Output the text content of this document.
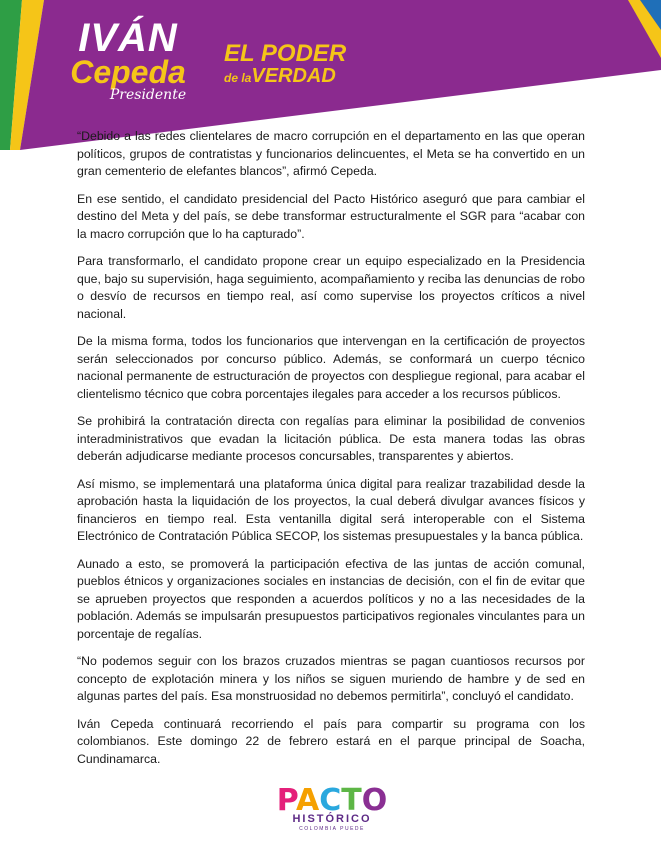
IVÁN
Cepeda
Presidente
EL PODER
de laVERDAD

“Debido a las redes clientelares de macro corrupción en el departamento en las que operan políticos, grupos de contratistas y funcionarios delincuentes, el Meta se ha convertido en un gran cementerio de elefantes blancos”, afirmó Cepeda.

En ese sentido, el candidato presidencial del Pacto Histórico aseguró que para cambiar el destino del Meta y del país, se debe transformar estructuralmente el SGR para “acabar con la macro corrupción que lo ha capturado”.

Para transformarlo, el candidato propone crear un equipo especializado en la Presidencia que, bajo su supervisión, haga seguimiento, acompañamiento y reciba las denuncias de robo o desvío de recursos en tiempo real, así como supervise los proyectos críticos a nivel nacional.

De la misma forma, todos los funcionarios que intervengan en la certificación de proyectos serán seleccionados por concurso público. Además, se conformará un cuerpo técnico nacional permanente de estructuración de proyectos con despliegue regional, para acabar el clientelismo técnico que cobra porcentajes ilegales para acceder a los recursos públicos.

Se prohibirá la contratación directa con regalías para eliminar la posibilidad de convenios interadministrativos que evadan la licitación pública. De esta manera todas las obras deberán adjudicarse mediante procesos concursables, transparentes y abiertos.

Así mismo, se implementará una plataforma única digital para realizar trazabilidad desde la aprobación hasta la liquidación de los proyectos, la cual deberá divulgar avances físicos y financieros en tiempo real. Esta ventanilla digital será interoperable con el Sistema Electrónico de Contratación Pública SECOP, los sistemas presupuestales y la banca pública.

Aunado a esto, se promoverá la participación efectiva de las juntas de acción comunal, pueblos étnicos y organizaciones sociales en instancias de decisión, con el fin de evitar que se aprueben proyectos que responden a acuerdos políticos y no a las necesidades de la población. Además se impulsarán presupuestos participativos regionales vinculantes para un porcentaje de regalías.

“No podemos seguir con los brazos cruzados mientras se pagan cuantiosos recursos por concepto de explotación minera y los niños se siguen muriendo de hambre y de sed en algunas partes del país. Esa monstruosidad no debemos permitirla”, concluyó el candidato.

Iván Cepeda continuará recorriendo el país para compartir su programa con los colombianos. Este domingo 22 de febrero estará en el parque principal de Soacha, Cundinamarca.

PACTO
HISTÓRICO
COLOMBIA PUEDE
